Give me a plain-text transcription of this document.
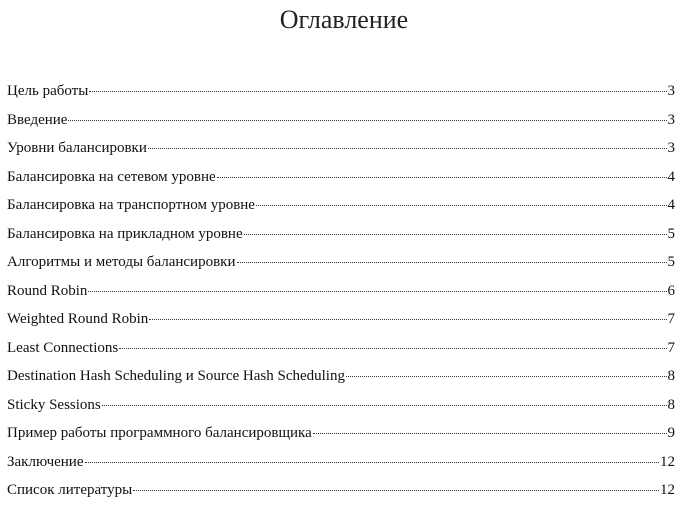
Оглавление
Цель работы	3
Введение	3
Уровни балансировки	3
Балансировка на сетевом уровне	4
Балансировка на транспортном уровне	4
Балансировка на прикладном уровне	5
Алгоритмы и методы балансировки	5
Round Robin	6
Weighted Round Robin	7
Least Connections	7
Destination Hash Scheduling и Source Hash Scheduling	8
Sticky Sessions	8
Пример работы программного балансировщика	9
Заключение	12
Список литературы	12
